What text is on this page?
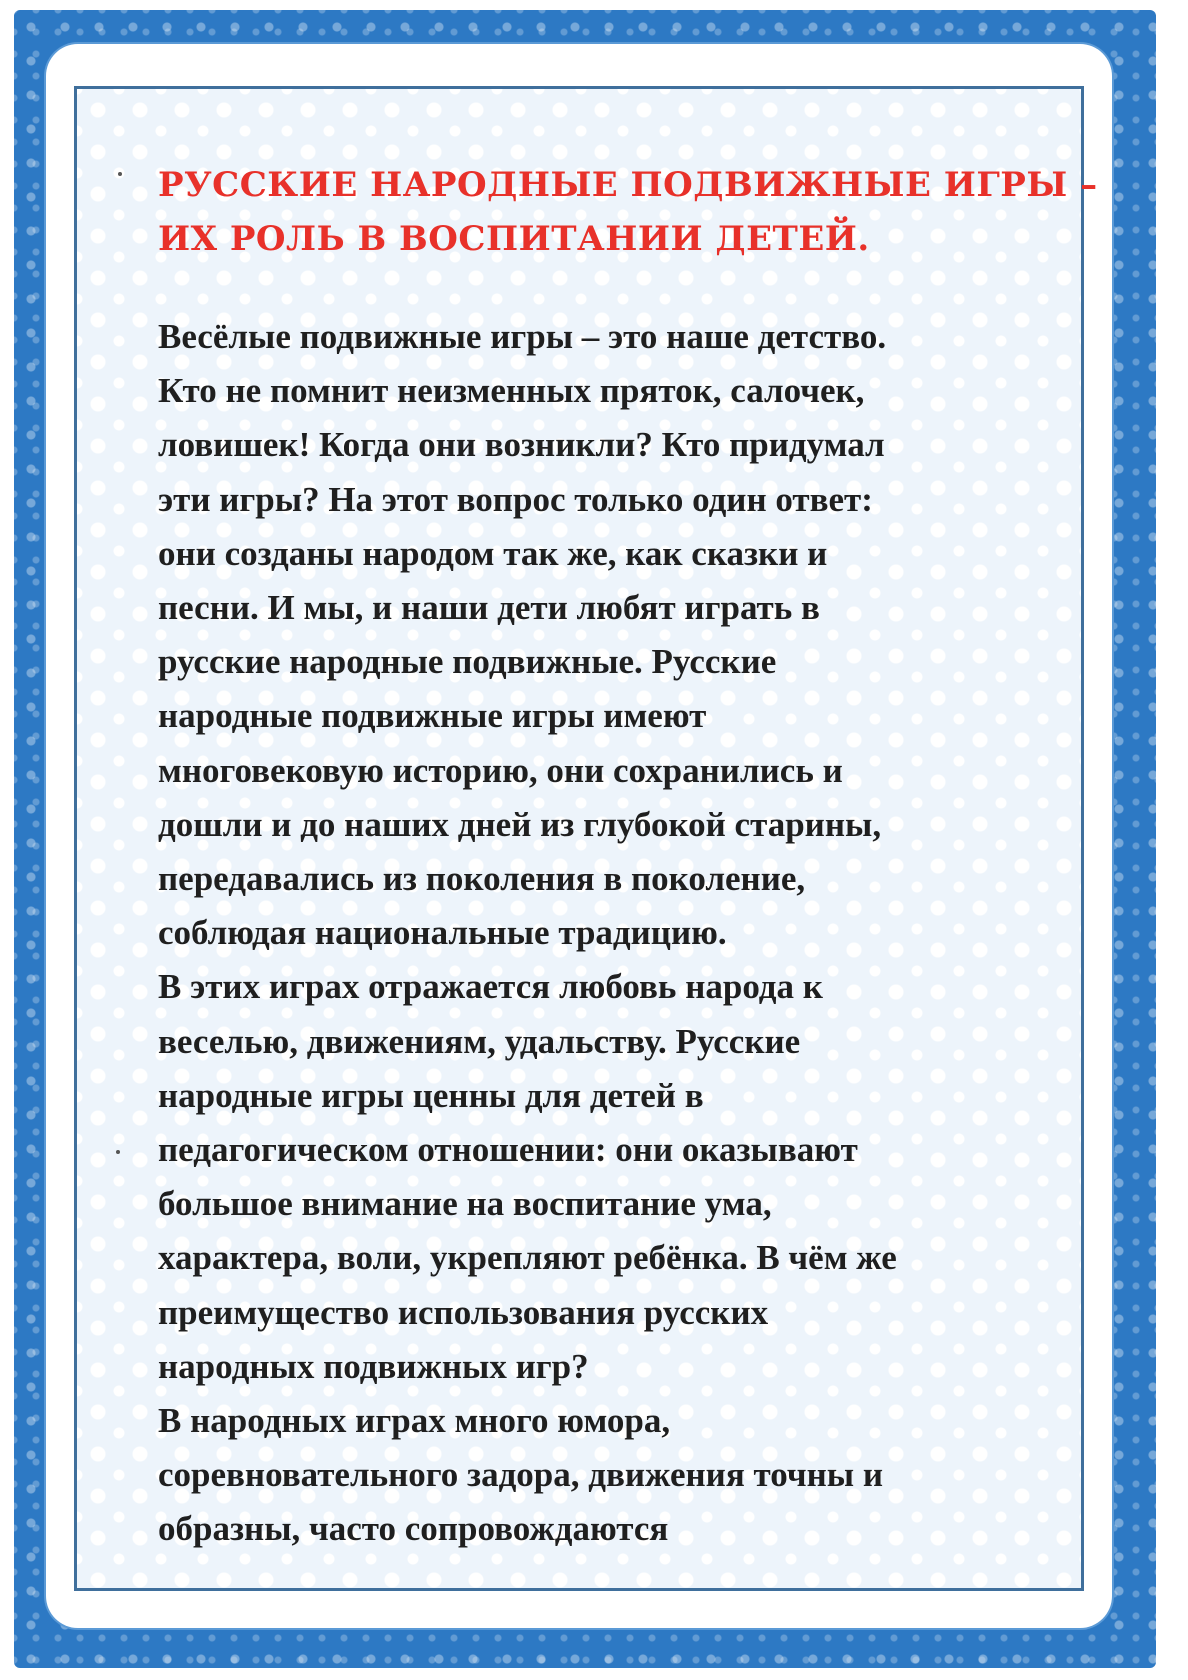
РУССКИЕ НАРОДНЫЕ ПОДВИЖНЫЕ ИГРЫ –
ИХ РОЛЬ В ВОСПИТАНИИ ДЕТЕЙ.
Весёлые подвижные игры – это наше детство.
Кто не помнит неизменных пряток, салочек,
ловишек! Когда они возникли? Кто придумал
эти игры? На этот вопрос только один ответ:
они созданы народом так же, как сказки и
песни. И мы, и наши дети любят играть в
русские народные подвижные. Русские
народные подвижные игры имеют
многовековую историю, они сохранились и
дошли и до наших дней из глубокой старины,
передавались из поколения в поколение,
соблюдая национальные традицию.
В этих играх отражается любовь народа к
веселью, движениям, удальству. Русские
народные игры ценны для детей в
педагогическом отношении: они оказывают
большое внимание на воспитание ума,
характера, воли, укрепляют ребёнка. В чём же
преимущество использования русских
народных подвижных игр?
В народных играх много юмора,
соревновательного задора, движения точны и
образны, часто сопровождаются
